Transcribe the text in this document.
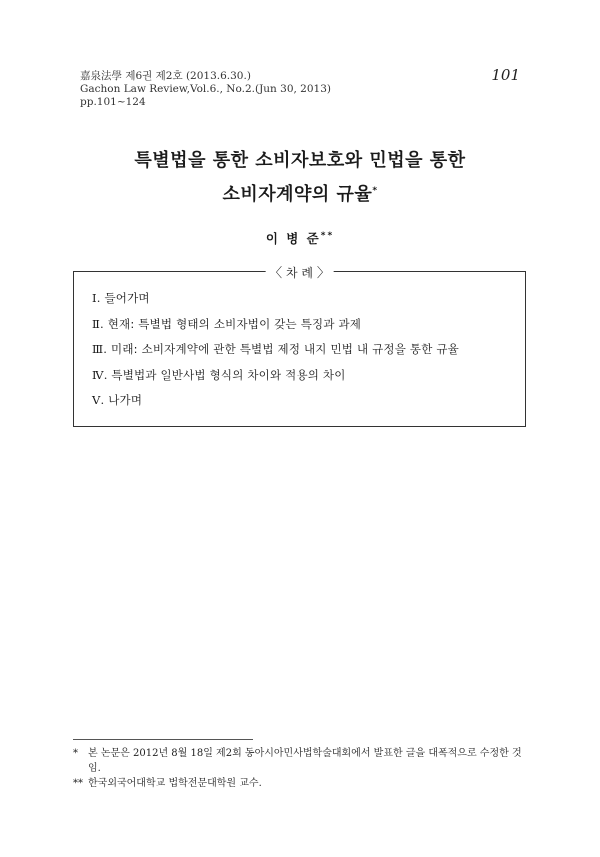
嘉泉法學 제6권 제2호 (2013.6.30.)
Gachon Law Review,Vol.6., No.2.(Jun 30, 2013)
pp.101~124
101
특별법을 통한 소비자보호와 민법을 통한
소비자계약의 규율*
이 병 준**
〈 차 례 〉
Ⅰ. 들어가며
Ⅱ. 현재: 특별법 형태의 소비자법이 갖는 특징과 과제
Ⅲ. 미래: 소비자계약에 관한 특별법 제정 내지 민법 내 규정을 통한 규율
Ⅳ. 특별법과 일반사법 형식의 차이와 적용의 차이
Ⅴ. 나가며
*	본 논문은 2012년 8월 18일 제2회 동아시아민사법학술대회에서 발표한 글을 대폭적으로 수정한 것임.
** 한국외국어대학교 법학전문대학원 교수.
